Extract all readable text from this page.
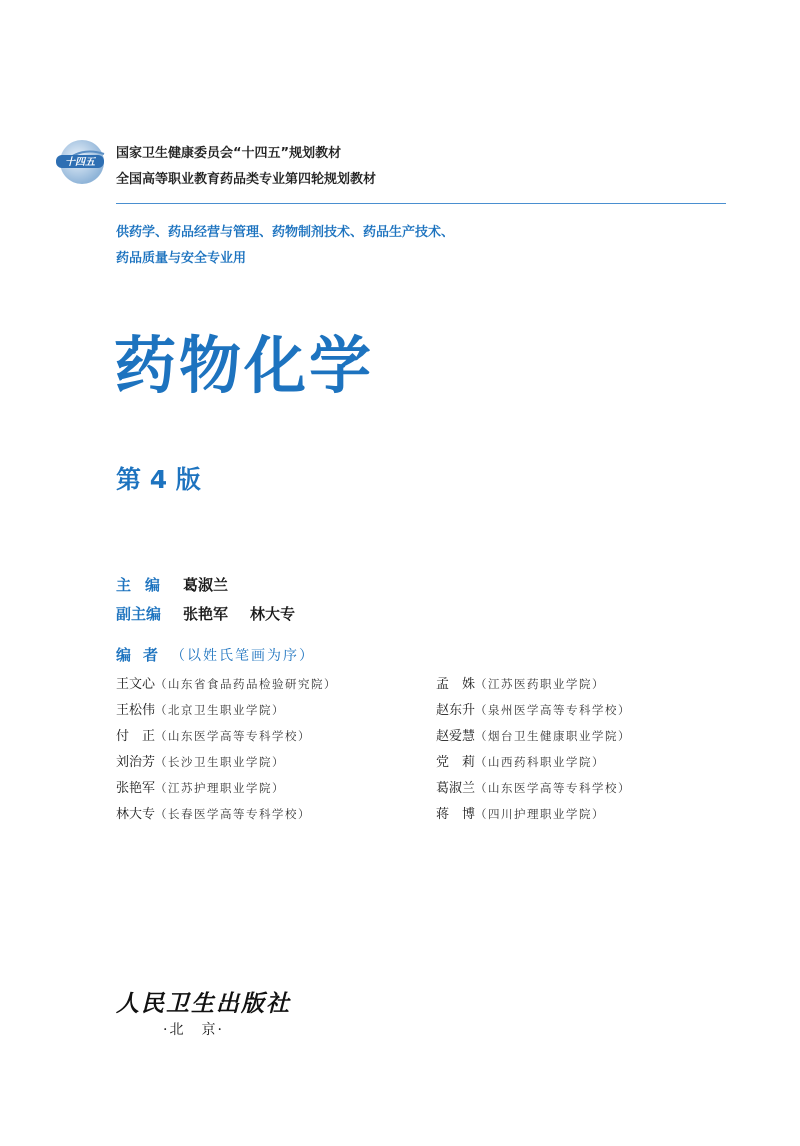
十四五
国家卫生健康委员会“十四五”规划教材
全国高等职业教育药品类专业第四轮规划教材
供药学、药品经营与管理、药物制剂技术、药品生产技术、
药品质量与安全专业用
药物化学
第 4 版
主编 葛淑兰
副主编 张艳军 林大专
编者 （以姓氏笔画为序）
王文心（山东省食品药品检验研究院）
王松伟（北京卫生职业学院）
付　正（山东医学高等专科学校）
刘治芳（长沙卫生职业学院）
张艳军（江苏护理职业学院）
林大专（长春医学高等专科学校）
孟　姝（江苏医药职业学院）
赵东升（泉州医学高等专科学校）
赵爱慧（烟台卫生健康职业学院）
党　莉（山西药科职业学院）
葛淑兰（山东医学高等专科学校）
蒋　博（四川护理职业学院）
人民卫生出版社
·北　京·
